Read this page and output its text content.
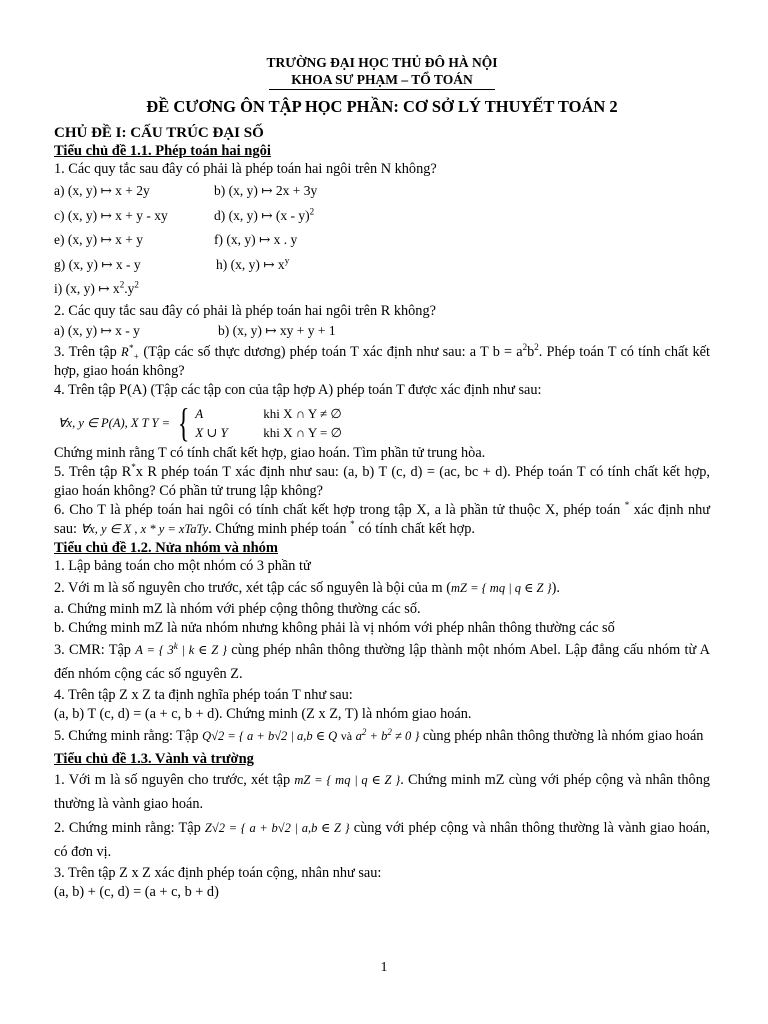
TRƯỜNG ĐẠI HỌC THỦ ĐÔ HÀ NỘI
KHOA SƯ PHẠM – TỔ TOÁN
ĐỀ CƯƠNG ÔN TẬP HỌC PHẦN: CƠ SỞ LÝ THUYẾT TOÁN 2
CHỦ ĐỀ I: CẤU TRÚC ĐẠI SỐ
Tiểu chủ đề 1.1. Phép toán hai ngôi

1. Các quy tắc sau đây có phải là phép toán hai ngôi trên N không?

a) (x, y) ↦ x + 2y	b) (x, y) ↦ 2x + 3y
c) (x, y) ↦ x + y - xy	d) (x, y) ↦ (x - y)$^2$
e) (x, y) ↦ x + y	f) (x, y) ↦ x . y
g) (x, y) ↦ x - y	h) (x, y) ↦ $x^y$
i) (x, y) ↦ $x^2.y^2$

2. Các quy tắc sau đây có phải là phép toán hai ngôi trên R không?

a) (x, y) ↦ x - y	b) (x, y) ↦ xy + y + 1

3. Trên tập $R^*_+$ (Tập các số thực dương) phép toán T xác định như sau: a T $b = a^2b^2$. Phép toán T có tính chất kết hợp, giao hoán không?

4. Trên tập P(A) (Tập các tập con của tập hợp A) phép toán T được xác định như sau:

∀x, y ∈ P(A), X T Y = { A	khi X ∩ Y ≠ ∅
X ∪ Y	khi X ∩ Y = ∅

Chứng minh rằng T có tính chất kết hợp, giao hoán. Tìm phần tử trung hòa.

5. Trên tập R*x R phép toán T xác định như sau: (a, b) T (c, d) = (ac, bc + d). Phép toán T có tính chất kết hợp, giao hoán không? Có phần tử trung lập không?

6. Cho T là phép toán hai ngôi có tính chất kết hợp trong tập X, a là phần tử thuộc X, phép toán * xác định như sau: ∀x, y ∈ X , x * y = xTaTy. Chứng minh phép toán * có tính chất kết hợp.

Tiểu chủ đề 1.2. Nửa nhóm và nhóm

1. Lập bảng toán cho một nhóm có 3 phần tử

2. Với m là số nguyên cho trước, xét tập các số nguyên là bội của m (mZ = { mq | q ∈ Z }).

a. Chứng minh mZ là nhóm với phép cộng thông thường các số.

b. Chứng minh mZ là nửa nhóm nhưng không phải là vị nhóm với phép nhân thông thường các số

3. CMR: Tập A = { 3$^k$ | k ∈ Z } cùng phép nhân thông thường lập thành một nhóm Abel. Lập đẳng cấu nhóm từ A đến nhóm cộng các số nguyên Z.

4. Trên tập Z x Z ta định nghĩa phép toán T như sau:

(a, b) T (c, d) = (a + c, b + d). Chứng minh (Z x Z, T) là nhóm giao hoán.

5. Chứng minh rằng: Tập Q√2 = { a + b√2 | a,b ∈ Q và $a^2 + b^2 \ne 0$ } cùng phép nhân thông thường là nhóm giao hoán

Tiểu chủ đề 1.3. Vành và trường

1. Với m là số nguyên cho trước, xét tập mZ = { mq | q ∈ Z }. Chứng minh mZ cùng với phép cộng và nhân thông thường là vành giao hoán.

2. Chứng minh rằng: Tập Z√2 = { a + b√2 | a,b ∈ Z } cùng với phép cộng và nhân thông thường là vành giao hoán, có đơn vị.

3. Trên tập Z x Z xác định phép toán cộng, nhân như sau:

(a, b) + (c, d) = (a + c, b + d)

1
